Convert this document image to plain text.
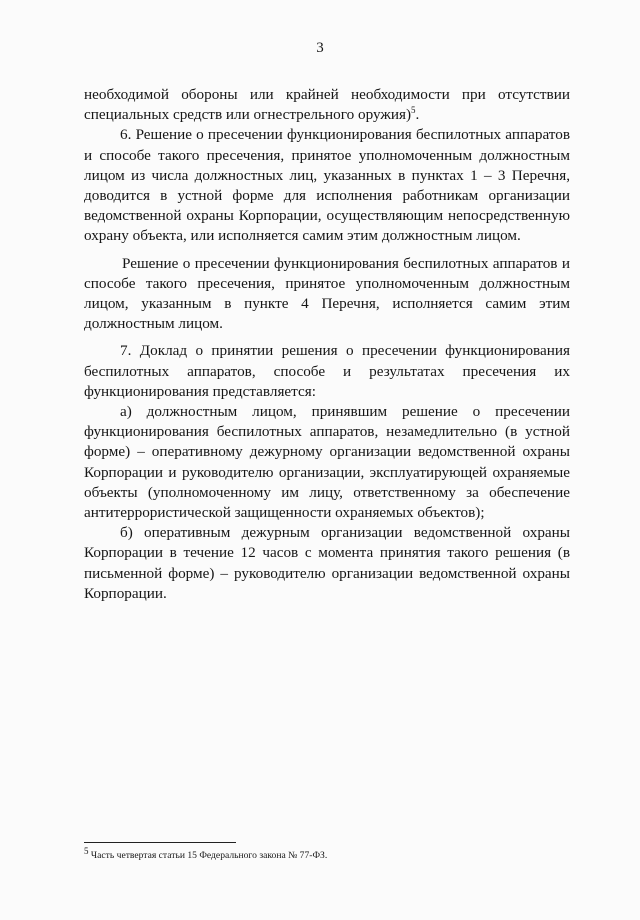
3

необходимой обороны или крайней необходимости при отсутствии специальных средств или огнестрельного оружия)$^5$.

6. Решение о пресечении функционирования беспилотных аппаратов и способе такого пресечения, принятое уполномоченным должностным лицом из числа должностных лиц, указанных в пунктах 1 – 3 Перечня, доводится в устной форме для исполнения работникам организации ведомственной охраны Корпорации, осуществляющим непосредственную охрану объекта, или исполняется самим этим должностным лицом.

Решение о пресечении функционирования беспилотных аппаратов и способе такого пресечения, принятое уполномоченным должностным лицом, указанным в пункте 4 Перечня, исполняется самим этим должностным лицом.

7. Доклад о принятии решения о пресечении функционирования беспилотных аппаратов, способе и результатах пресечения их функционирования представляется:

а) должностным лицом, принявшим решение о пресечении функционирования беспилотных аппаратов, незамедлительно (в устной форме) – оперативному дежурному организации ведомственной охраны Корпорации и руководителю организации, эксплуатирующей охраняемые объекты (уполномоченному им лицу, ответственному за обеспечение антитеррористической защищенности охраняемых объектов);

б) оперативным дежурным организации ведомственной охраны Корпорации в течение 12 часов с момента принятия такого решения (в письменной форме) – руководителю организации ведомственной охраны Корпорации.

$^5$ Часть четвертая статьи 15 Федерального закона № 77-ФЗ.
